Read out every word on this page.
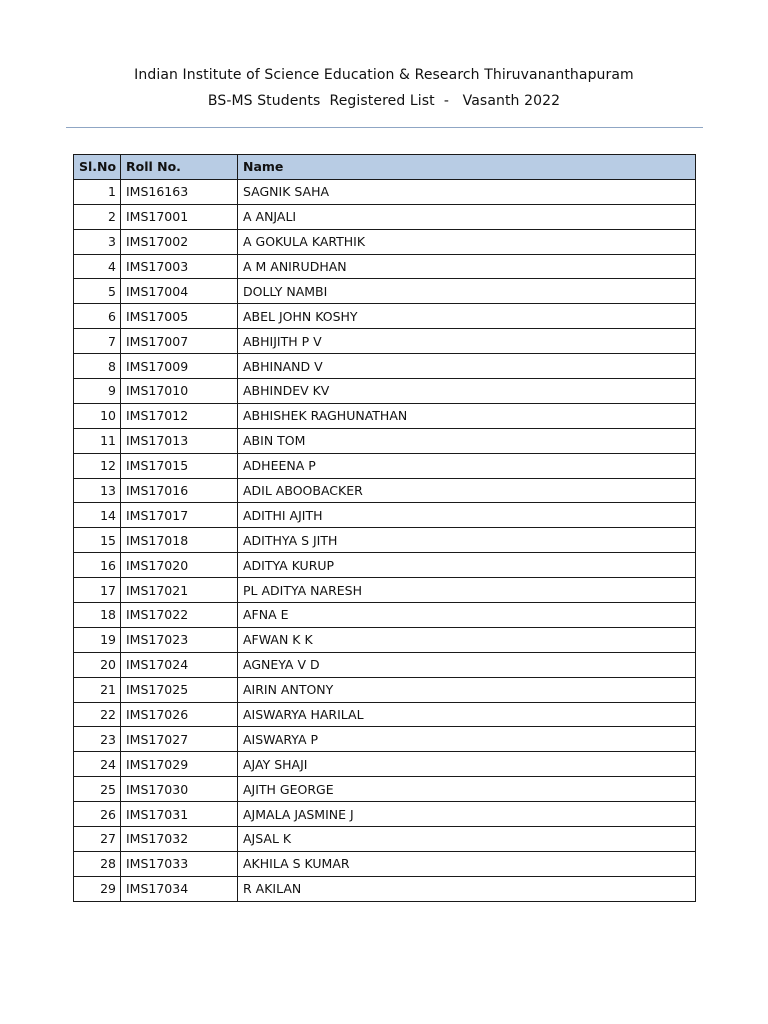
Indian Institute of Science Education & Research Thiruvananthapuram
BS-MS Students  Registered List  -   Vasanth 2022
Sl.No	Roll No.	Name
1	IMS16163	SAGNIK SAHA
2	IMS17001	A ANJALI
3	IMS17002	A GOKULA KARTHIK
4	IMS17003	A M ANIRUDHAN
5	IMS17004	DOLLY NAMBI
6	IMS17005	ABEL JOHN KOSHY
7	IMS17007	ABHIJITH P V
8	IMS17009	ABHINAND V
9	IMS17010	ABHINDEV KV
10	IMS17012	ABHISHEK RAGHUNATHAN
11	IMS17013	ABIN TOM
12	IMS17015	ADHEENA P
13	IMS17016	ADIL ABOOBACKER
14	IMS17017	ADITHI AJITH
15	IMS17018	ADITHYA S JITH
16	IMS17020	ADITYA KURUP
17	IMS17021	PL ADITYA NARESH
18	IMS17022	AFNA E
19	IMS17023	AFWAN K K
20	IMS17024	AGNEYA V D
21	IMS17025	AIRIN ANTONY
22	IMS17026	AISWARYA HARILAL
23	IMS17027	AISWARYA P
24	IMS17029	AJAY SHAJI
25	IMS17030	AJITH GEORGE
26	IMS17031	AJMALA JASMINE J
27	IMS17032	AJSAL K
28	IMS17033	AKHILA S KUMAR
29	IMS17034	R AKILAN
